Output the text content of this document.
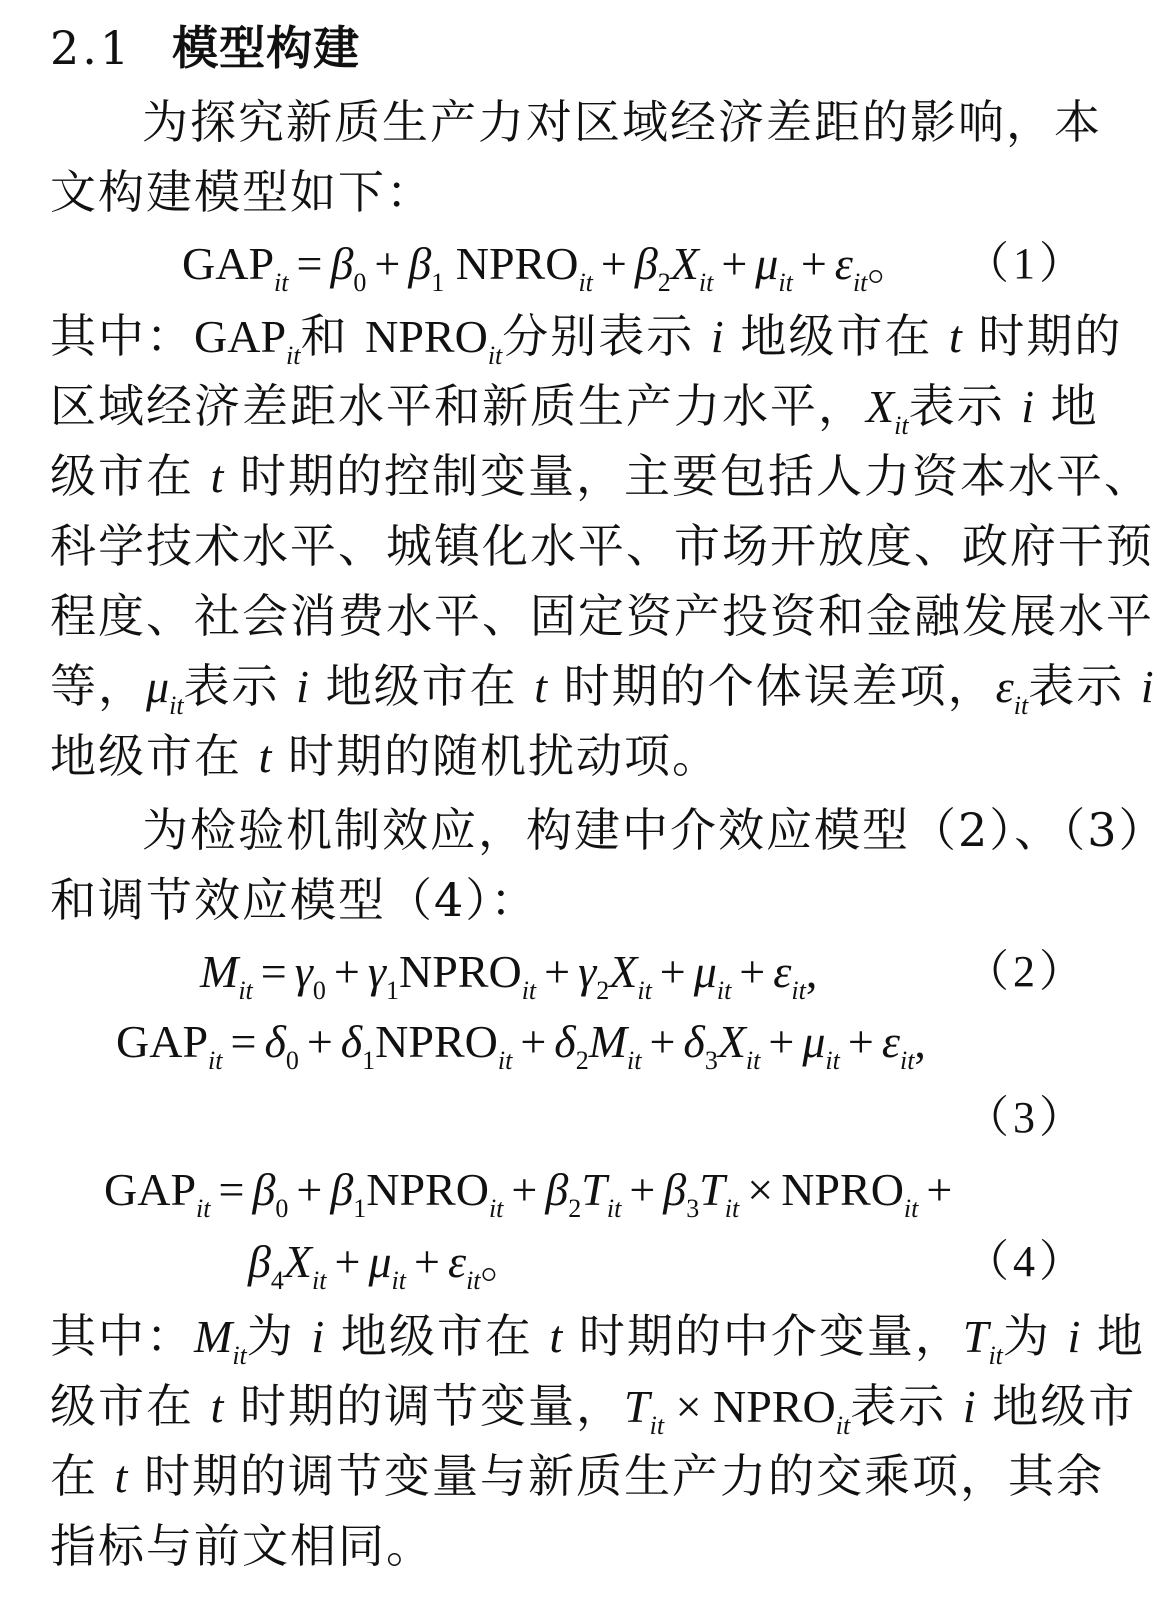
2.1 模型构建
为探究新质生产力对区域经济差距的影响，本
文构建模型如下：
$GAP_{it} = \beta_0 + \beta_1$ $NPRO_{it} + \beta_2X_{it} + \mu_{it} + \varepsilon_{it}$。 （1）
其中：$GAP_{it}$和 $NPRO_{it}$分别表示 i 地级市在 t 时期的
区域经济差距水平和新质生产力水平，$X_{it}$表示 i 地
级市在 t 时期的控制变量，主要包括人力资本水平、
科学技术水平、城镇化水平、市场开放度、政府干预
程度、社会消费水平、固定资产投资和金融发展水平
等，$\mu_{it}$表示 i 地级市在 t 时期的个体误差项，$\varepsilon_{it}$表示 i
地级市在 t 时期的随机扰动项。
为检验机制效应，构建中介效应模型（2）、（3）
和调节效应模型（4）：
$M_{it} = \gamma_0$ + $\gamma_1NPRO_{it} + \gamma_2X_{it} + \mu_{it} + \varepsilon_{it}$,	（2）
$GAP_{it} = \delta_0$ + $\delta_1NPRO_{it} + \delta_2M_{it} + \delta_3X_{it} + \mu_{it} + \varepsilon_{it}$,
（3）
$GAP_{it} = \beta_0$ + $\beta_1NPRO_{it} + \beta_2T_{it} + \beta_3T_{it}$ × $NPRO_{it}$ +
$\beta_4X_{it} + \mu_{it} + \varepsilon_{it}$。	（4）
其中：$M_{it}$为 i 地级市在 t 时期的中介变量，$T_{it}$为 i 地
级市在 t 时期的调节变量，$T_{it}$ × $NPRO_{it}$表示 i 地级市
在 t 时期的调节变量与新质生产力的交乘项，其余
指标与前文相同。
